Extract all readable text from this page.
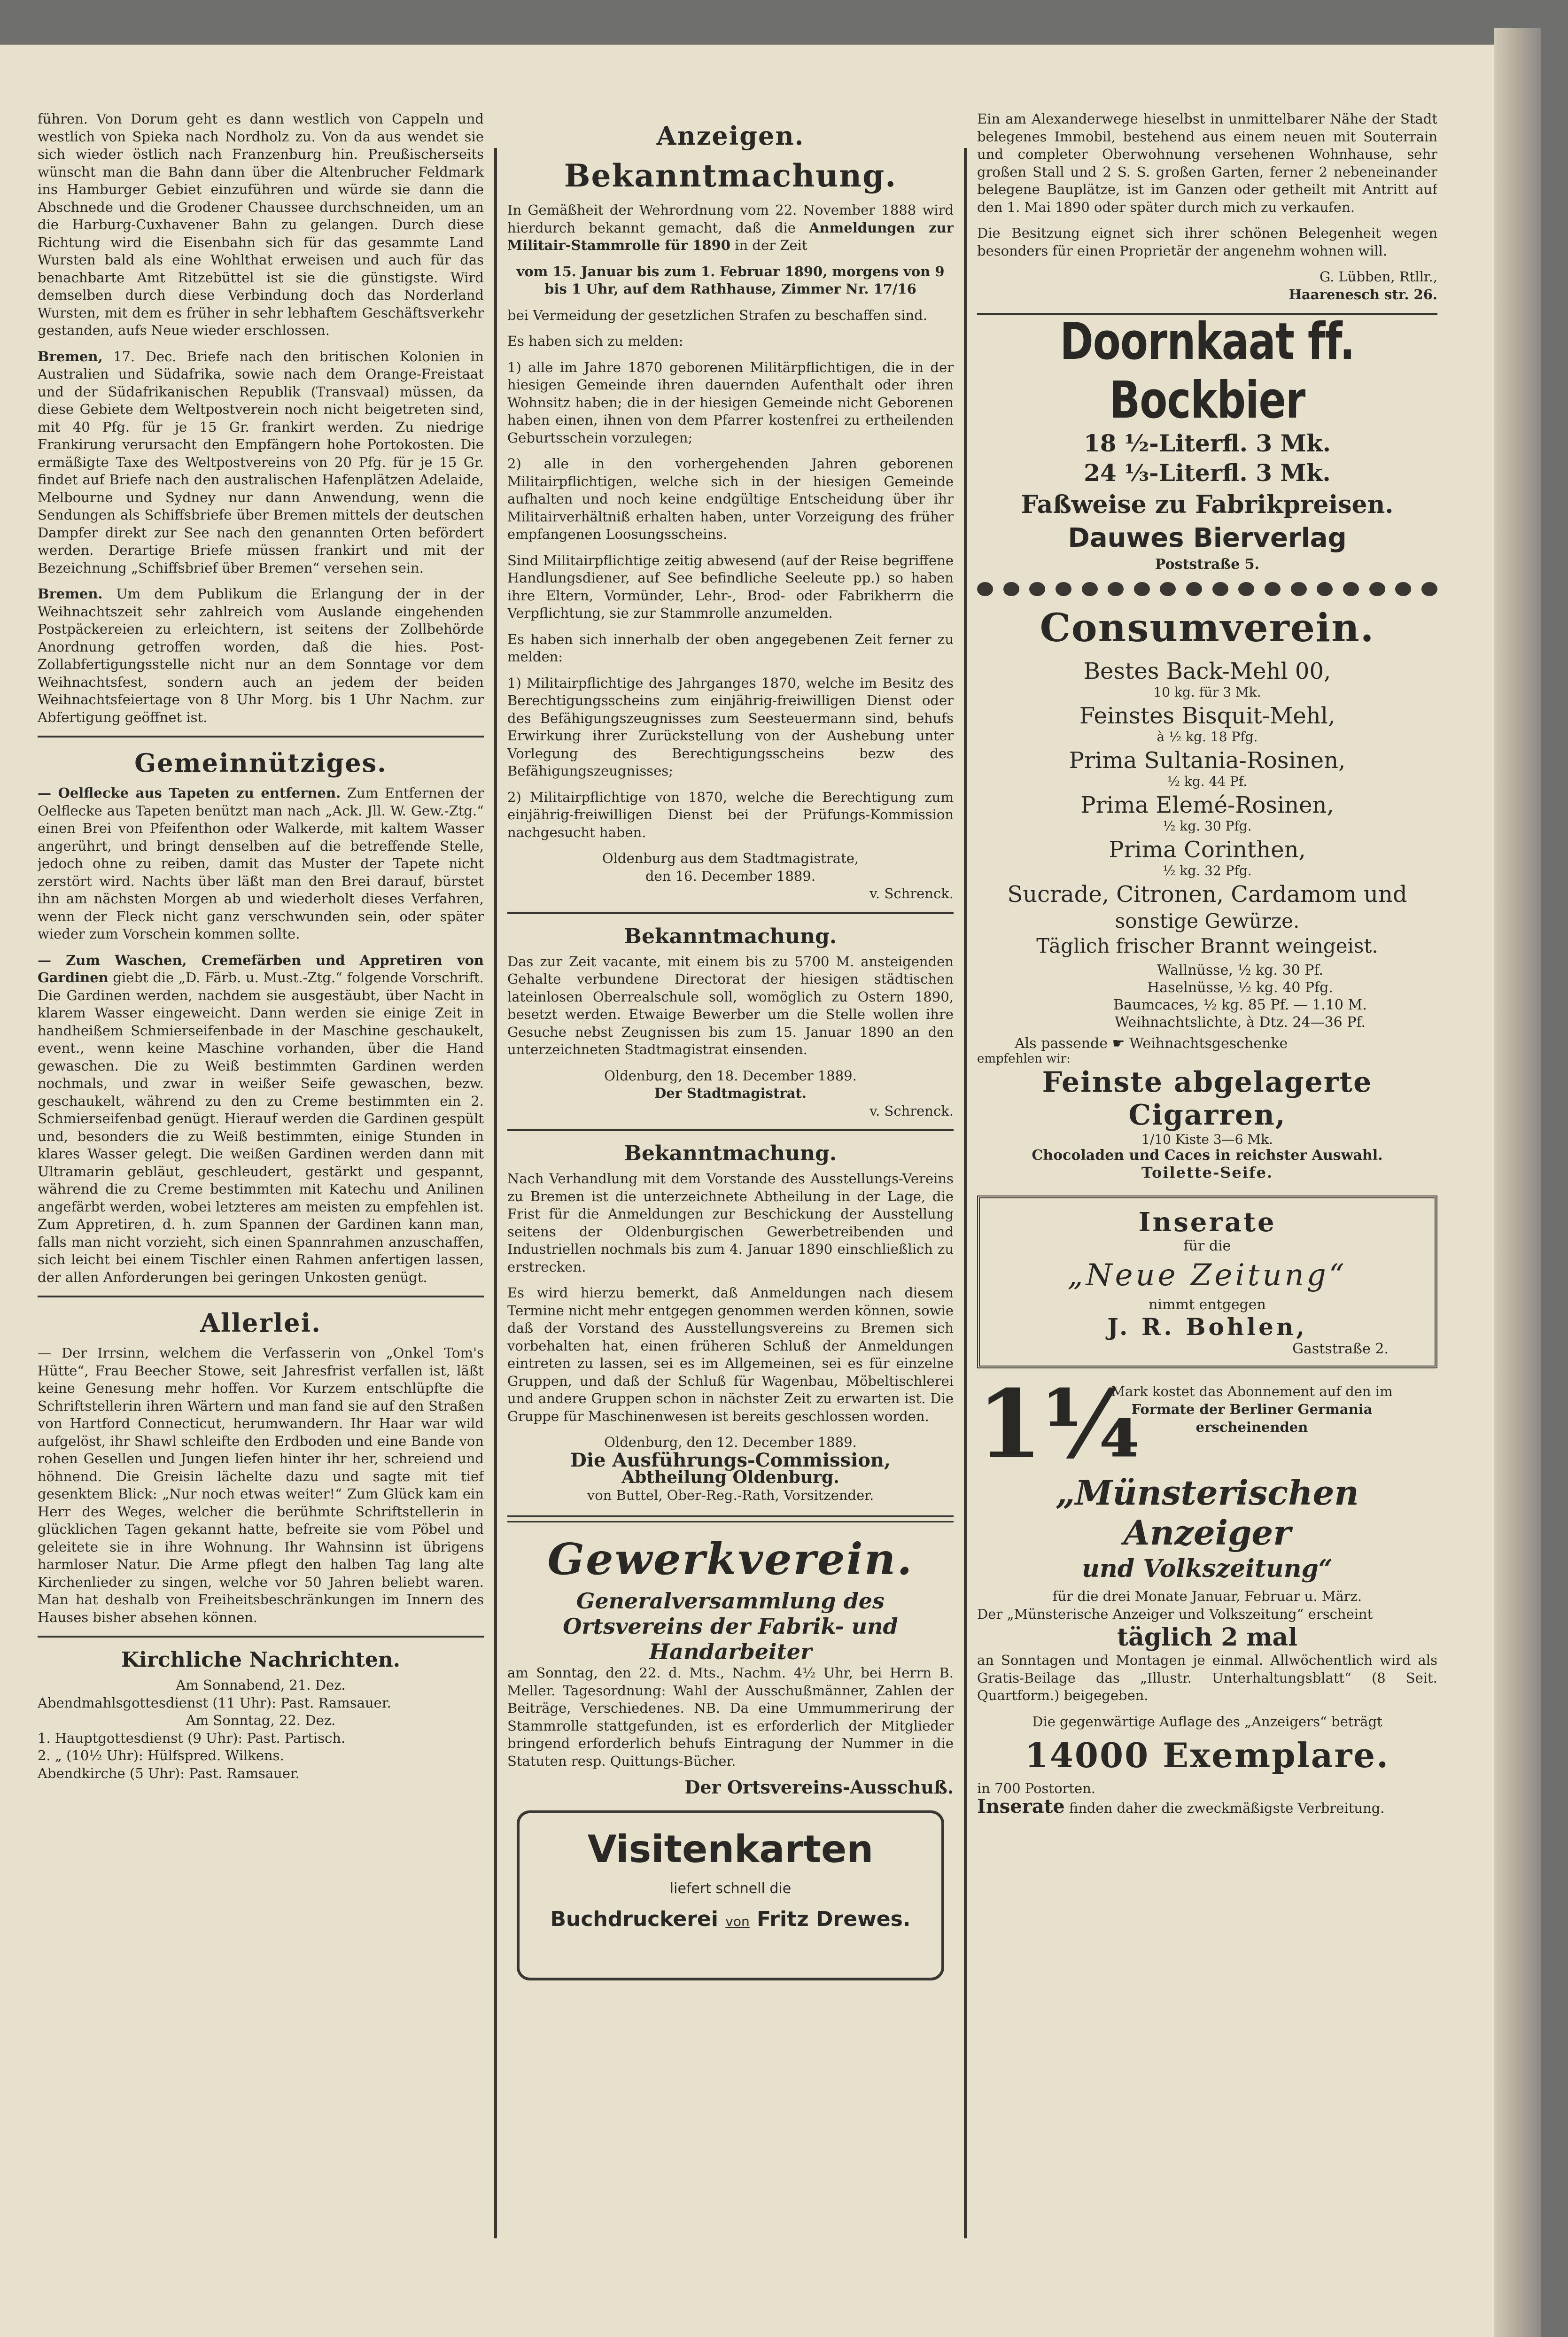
führen. Von Dorum geht es dann westlich von Cappeln und westlich von Spieka nach Nordholz zu. Von da aus wendet sie sich wieder östlich nach Franzenburg hin. Preußischerseits wünscht man die Bahn dann über die Altenbrucher Feldmark ins Hamburger Gebiet einzuführen und würde sie dann die Abschnede und die Grodener Chaussee durchschneiden, um an die Harburg-Cuxhavener Bahn zu gelangen. Durch diese Richtung wird die Eisenbahn sich für das gesammte Land Wursten bald als eine Wohlthat erweisen und auch für das benachbarte Amt Ritzebüttel ist sie die günstigste. Wird demselben durch diese Verbindung doch das Norderland Wursten, mit dem es früher in sehr lebhaftem Geschäftsverkehr gestanden, aufs Neue wieder erschlossen.

Bremen, 17. Dec. Briefe nach den britischen Kolonien in Australien und Südafrika, sowie nach dem Orange-Freistaat und der Südafrikanischen Republik (Transvaal) müssen, da diese Gebiete dem Weltpostverein noch nicht beigetreten sind, mit 40 Pfg. für je 15 Gr. frankirt werden. Zu niedrige Frankirung verursacht den Empfängern hohe Portokosten. Die ermäßigte Taxe des Weltpostvereins von 20 Pfg. für je 15 Gr. findet auf Briefe nach den australischen Hafenplätzen Adelaide, Melbourne und Sydney nur dann Anwendung, wenn die Sendungen als Schiffsbriefe über Bremen mittels der deutschen Dampfer direkt zur See nach den genannten Orten befördert werden. Derartige Briefe müssen frankirt und mit der Bezeichnung „Schiffsbrief über Bremen“ versehen sein.

Bremen. Um dem Publikum die Erlangung der in der Weihnachtszeit sehr zahlreich vom Auslande eingehenden Postpäckereien zu erleichtern, ist seitens der Zollbehörde Anordnung getroffen worden, daß die hies. Post-Zollabfertigungsstelle nicht nur an dem Sonntage vor dem Weihnachtsfest, sondern auch an jedem der beiden Weihnachtsfeiertage von 8 Uhr Morg. bis 1 Uhr Nachm. zur Abfertigung geöffnet ist.

Gemeinnütziges.

— Oelflecke aus Tapeten zu entfernen. Zum Entfernen der Oelflecke aus Tapeten benützt man nach „Ack. Jll. W. Gew.-Ztg.“ einen Brei von Pfeifenthon oder Walkerde, mit kaltem Wasser angerührt, und bringt denselben auf die betreffende Stelle, jedoch ohne zu reiben, damit das Muster der Tapete nicht zerstört wird. Nachts über läßt man den Brei darauf, bürstet ihn am nächsten Morgen ab und wiederholt dieses Verfahren, wenn der Fleck nicht ganz verschwunden sein, oder später wieder zum Vorschein kommen sollte.

— Zum Waschen, Cremefärben und Appretiren von Gardinen giebt die „D. Färb. u. Must.-Ztg.“ folgende Vorschrift. Die Gardinen werden, nachdem sie ausgestäubt, über Nacht in klarem Wasser eingeweicht. Dann werden sie einige Zeit in handheißem Schmierseifenbade in der Maschine geschaukelt, event., wenn keine Maschine vorhanden, über die Hand gewaschen. Die zu Weiß bestimmten Gardinen werden nochmals, und zwar in weißer Seife gewaschen, bezw. geschaukelt, während zu den zu Creme bestimmten ein 2. Schmierseifenbad genügt. Hierauf werden die Gardinen gespült und, besonders die zu Weiß bestimmten, einige Stunden in klares Wasser gelegt. Die weißen Gardinen werden dann mit Ultramarin gebläut, geschleudert, gestärkt und gespannt, während die zu Creme bestimmten mit Katechu und Anilinen angefärbt werden, wobei letzteres am meisten zu empfehlen ist. Zum Appretiren, d. h. zum Spannen der Gardinen kann man, falls man nicht vorzieht, sich einen Spannrahmen anzuschaffen, sich leicht bei einem Tischler einen Rahmen anfertigen lassen, der allen Anforderungen bei geringen Unkosten genügt.

Allerlei.

— Der Irrsinn, welchem die Verfasserin von „Onkel Tom's Hütte“, Frau Beecher Stowe, seit Jahresfrist verfallen ist, läßt keine Genesung mehr hoffen. Vor Kurzem entschlüpfte die Schriftstellerin ihren Wärtern und man fand sie auf den Straßen von Hartford Connecticut, herumwandern. Ihr Haar war wild aufgelöst, ihr Shawl schleifte den Erdboden und eine Bande von rohen Gesellen und Jungen liefen hinter ihr her, schreiend und höhnend. Die Greisin lächelte dazu und sagte mit tief gesenktem Blick: „Nur noch etwas weiter!“ Zum Glück kam ein Herr des Weges, welcher die berühmte Schriftstellerin in glücklichen Tagen gekannt hatte, befreite sie vom Pöbel und geleitete sie in ihre Wohnung. Ihr Wahnsinn ist übrigens harmloser Natur. Die Arme pflegt den halben Tag lang alte Kirchenlieder zu singen, welche vor 50 Jahren beliebt waren. Man hat deshalb von Freiheitsbeschränkungen im Innern des Hauses bisher absehen können.

Kirchliche Nachrichten.

Am Sonnabend, 21. Dez.

Abendmahlsgottesdienst (11 Uhr): Past. Ramsauer.

Am Sonntag, 22. Dez.

1. Hauptgottesdienst (9 Uhr): Past. Partisch.

2. „ (10½ Uhr): Hülfspred. Wilkens.

Abendkirche (5 Uhr): Past. Ramsauer.

Anzeigen.
Bekanntmachung.

In Gemäßheit der Wehrordnung vom 22. November 1888 wird hierdurch bekannt gemacht, daß die Anmeldungen zur Militair-Stammrolle für 1890 in der Zeit

vom 15. Januar bis zum 1. Februar 1890, morgens von 9 bis 1 Uhr, auf dem Rathhause, Zimmer Nr. 17/16

bei Vermeidung der gesetzlichen Strafen zu beschaffen sind.

Es haben sich zu melden:

1) alle im Jahre 1870 geborenen Militärpflichtigen, die in der hiesigen Gemeinde ihren dauernden Aufenthalt oder ihren Wohnsitz haben; die in der hiesigen Gemeinde nicht Geborenen haben einen, ihnen von dem Pfarrer kostenfrei zu ertheilenden Geburtsschein vorzulegen;

2) alle in den vorhergehenden Jahren geborenen Militairpflichtigen, welche sich in der hiesigen Gemeinde aufhalten und noch keine endgültige Entscheidung über ihr Militairverhältniß erhalten haben, unter Vorzeigung des früher empfangenen Loosungsscheins.

Sind Militairpflichtige zeitig abwesend (auf der Reise begriffene Handlungsdiener, auf See befindliche Seeleute pp.) so haben ihre Eltern, Vormünder, Lehr-, Brod- oder Fabrikherrn die Verpflichtung, sie zur Stammrolle anzumelden.

Es haben sich innerhalb der oben angegebenen Zeit ferner zu melden:

1) Militairpflichtige des Jahrganges 1870, welche im Besitz des Berechtigungsscheins zum einjährig-freiwilligen Dienst oder des Befähigungszeugnisses zum Seesteuermann sind, behufs Erwirkung ihrer Zurückstellung von der Aushebung unter Vorlegung des Berechtigungsscheins bezw des Befähigungszeugnisses;

2) Militairpflichtige von 1870, welche die Berechtigung zum einjährig-freiwilligen Dienst bei der Prüfungs-Kommission nachgesucht haben.

Oldenburg aus dem Stadtmagistrate,

den 16. December 1889.

v. Schrenck.

Bekanntmachung.

Das zur Zeit vacante, mit einem bis zu 5700 M. ansteigenden Gehalte verbundene Directorat der hiesigen städtischen lateinlosen Oberrealschule soll, womöglich zu Ostern 1890, besetzt werden. Etwaige Bewerber um die Stelle wollen ihre Gesuche nebst Zeugnissen bis zum 15. Januar 1890 an den unterzeichneten Stadtmagistrat einsenden.

Oldenburg, den 18. December 1889.

Der Stadtmagistrat.

v. Schrenck.

Bekanntmachung.

Nach Verhandlung mit dem Vorstande des Ausstellungs-Vereins zu Bremen ist die unterzeichnete Abtheilung in der Lage, die Frist für die Anmeldungen zur Beschickung der Ausstellung seitens der Oldenburgischen Gewerbetreibenden und Industriellen nochmals bis zum 4. Januar 1890 einschließlich zu erstrecken.

Es wird hierzu bemerkt, daß Anmeldungen nach diesem Termine nicht mehr entgegen genommen werden können, sowie daß der Vorstand des Ausstellungsvereins zu Bremen sich vorbehalten hat, einen früheren Schluß der Anmeldungen eintreten zu lassen, sei es im Allgemeinen, sei es für einzelne Gruppen, und daß der Schluß für Wagenbau, Möbeltischlerei und andere Gruppen schon in nächster Zeit zu erwarten ist. Die Gruppe für Maschinenwesen ist bereits geschlossen worden.

Oldenburg, den 12. December 1889.

Die Ausführungs-Commission,

Abtheilung Oldenburg.

von Buttel, Ober-Reg.-Rath, Vorsitzender.

Gewerkverein.
Generalversammlung des Ortsvereins der Fabrik- und Handarbeiter

am Sonntag, den 22. d. Mts., Nachm. 4½ Uhr, bei Herrn B. Meller. Tagesordnung: Wahl der Ausschußmänner, Zahlen der Beiträge, Verschiedenes. NB. Da eine Ummummerirung der Stammrolle stattgefunden, ist es erforderlich der Mitglieder bringend erforderlich behufs Eintragung der Nummer in die Statuten resp. Quittungs-Bücher.

Der Ortsvereins-Ausschuß.

Visitenkarten
liefert schnell die
Buchdruckerei von Fritz Drewes.

Ein am Alexanderwege hieselbst in unmittelbarer Nähe der Stadt belegenes Immobil, bestehend aus einem neuen mit Souterrain und completer Oberwohnung versehenen Wohnhause, sehr großen Stall und 2 S. S. großen Garten, ferner 2 nebeneinander belegene Bauplätze, ist im Ganzen oder getheilt mit Antritt auf den 1. Mai 1890 oder später durch mich zu verkaufen.

Die Besitzung eignet sich ihrer schönen Belegenheit wegen besonders für einen Proprietär der angenehm wohnen will.

G. Lübben, Rtllr.,

Haarenesch str. 26.

Doornkaat ff. Bockbier
18 ½-Literfl. 3 Mk.
24 ⅓-Literfl. 3 Mk.
Faßweise zu Fabrikpreisen.
Dauwes Bierverlag
Poststraße 5.
Consumverein.
Bestes Back-Mehl 00,
10 kg. für 3 Mk.
Feinstes Bisquit-Mehl,
à ½ kg. 18 Pfg.
Prima Sultania-Rosinen,
½ kg. 44 Pf.
Prima Elemé-Rosinen,
½ kg. 30 Pfg.
Prima Corinthen,
½ kg. 32 Pfg.
Sucrade, Citronen, Cardamom und
sonstige Gewürze.
Täglich frischer Brannt weingeist.
Wallnüsse, ½ kg. 30 Pf.
Haselnüsse, ½ kg. 40 Pfg.
Baumcaces, ½ kg. 85 Pf. — 1.10 M.
Weihnachtslichte, à Dtz. 24—36 Pf.
Als passende ☛ Weihnachtsgeschenke
empfehlen wir:
Feinste abgelagerte Cigarren,
1/10 Kiste 3—6 Mk.
Chocoladen und Caces in reichster Auswahl.
Toilette-Seife.
Inserate
für die
„Neue Zeitung“
nimmt entgegen
J. R. Bohlen,
Gaststraße 2.
1¼
Mark kostet das Abonnement auf den im
Formate der Berliner Germania
erscheinenden
„Münsterischen Anzeiger
und Volkszeitung“

für die drei Monate Januar, Februar u. März.

Der „Münsterische Anzeiger und Volkszeitung“ erscheint

täglich 2 mal

an Sonntagen und Montagen je einmal. Allwöchentlich wird als Gratis-Beilage das „Illustr. Unterhaltungsblatt“ (8 Seit. Quartform.) beigegeben.

Die gegenwärtige Auflage des „Anzeigers“ beträgt

14000 Exemplare.

in 700 Postorten.

Inserate finden daher die zweckmäßigste Verbreitung.
